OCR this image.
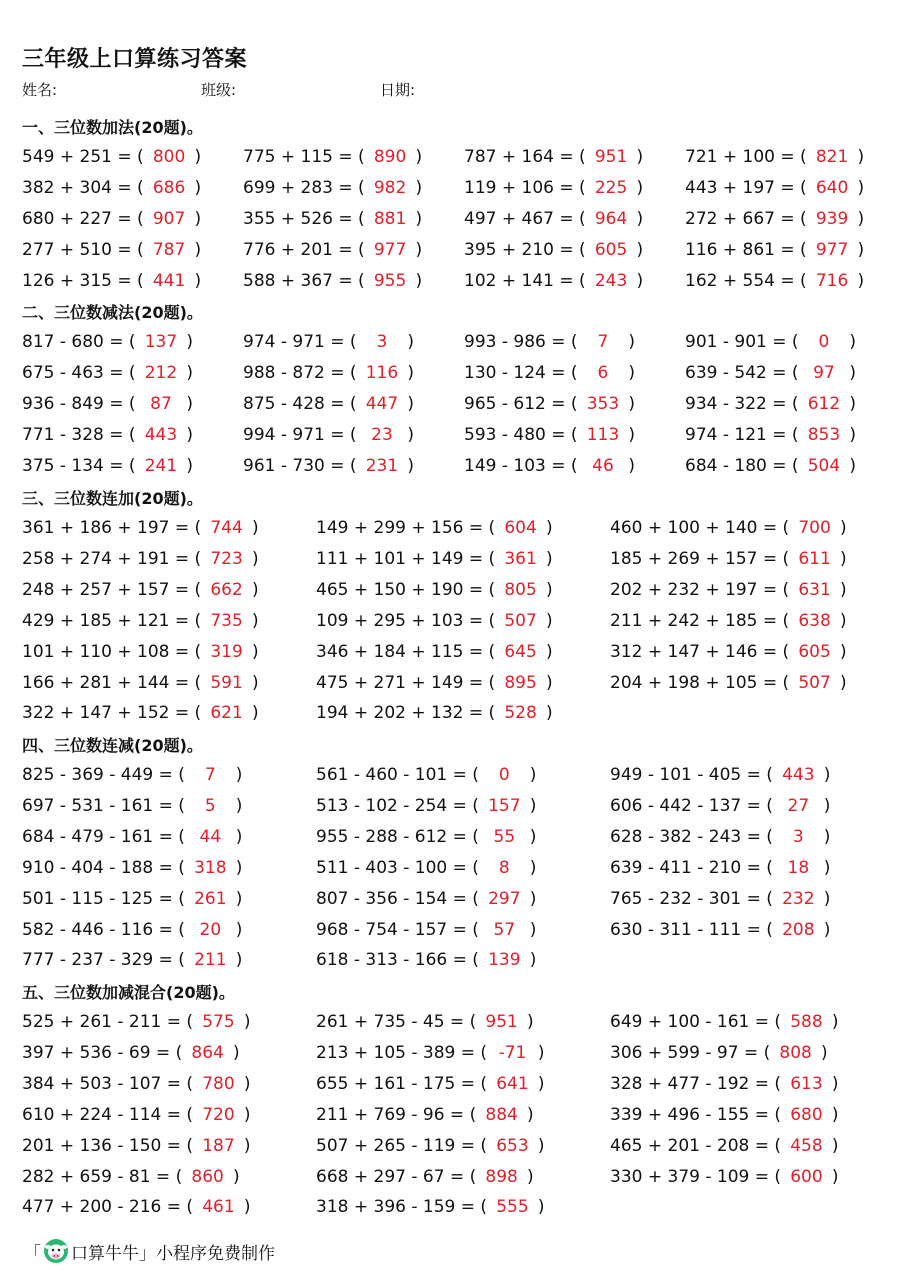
三年级上口算练习答案
姓名:	班级:	日期:
一、三位数加法(20题)。
549 + 251 = ( 800 ) 775 + 115 = ( 890 ) 787 + 164 = ( 951 ) 721 + 100 = ( 821 )
382 + 304 = ( 686 ) 699 + 283 = ( 982 ) 119 + 106 = ( 225 ) 443 + 197 = ( 640 )
680 + 227 = ( 907 ) 355 + 526 = ( 881 ) 497 + 467 = ( 964 ) 272 + 667 = ( 939 )
277 + 510 = ( 787 ) 776 + 201 = ( 977 ) 395 + 210 = ( 605 ) 116 + 861 = ( 977 )
126 + 315 = ( 441 ) 588 + 367 = ( 955 ) 102 + 141 = ( 243 ) 162 + 554 = ( 716 )
二、三位数减法(20题)。
817 - 680 = ( 137 )	974 - 971 = ( 3 )	993 - 986 = ( 7 )	901 - 901 = ( 0 )
675 - 463 = ( 212 )	988 - 872 = ( 116 )	130 - 124 = ( 6 )	639 - 542 = ( 97 )
936 - 849 = ( 87 )	875 - 428 = ( 447 )	965 - 612 = ( 353 )	934 - 322 = ( 612 )
771 - 328 = ( 443 )	994 - 971 = ( 23 )	593 - 480 = ( 113 )	974 - 121 = ( 853 )
375 - 134 = ( 241 )	961 - 730 = ( 231 )	149 - 103 = ( 46 )	684 - 180 = ( 504 )
三、三位数连加(20题)。
361 + 186 + 197 = ( 744 )	149 + 299 + 156 = ( 604 )	460 + 100 + 140 = ( 700 )
258 + 274 + 191 = ( 723 )	111 + 101 + 149 = ( 361 )	185 + 269 + 157 = ( 611 )
248 + 257 + 157 = ( 662 )	465 + 150 + 190 = ( 805 )	202 + 232 + 197 = ( 631 )
429 + 185 + 121 = ( 735 )	109 + 295 + 103 = ( 507 )	211 + 242 + 185 = ( 638 )
101 + 110 + 108 = ( 319 )	346 + 184 + 115 = ( 645 )	312 + 147 + 146 = ( 605 )
166 + 281 + 144 = ( 591 )	475 + 271 + 149 = ( 895 )	204 + 198 + 105 = ( 507 )
322 + 147 + 152 = ( 621 )	194 + 202 + 132 = ( 528 )
四、三位数连减(20题)。
825 - 369 - 449 = ( 7 )	561 - 460 - 101 = ( 0 )	949 - 101 - 405 = ( 443 )
697 - 531 - 161 = ( 5 )	513 - 102 - 254 = ( 157 )	606 - 442 - 137 = ( 27 )
684 - 479 - 161 = ( 44 )	955 - 288 - 612 = ( 55 )	628 - 382 - 243 = ( 3 )
910 - 404 - 188 = ( 318 )	511 - 403 - 100 = ( 8 )	639 - 411 - 210 = ( 18 )
501 - 115 - 125 = ( 261 )	807 - 356 - 154 = ( 297 )	765 - 232 - 301 = ( 232 )
582 - 446 - 116 = ( 20 )	968 - 754 - 157 = ( 57 )	630 - 311 - 111 = ( 208 )
777 - 237 - 329 = ( 211 )	618 - 313 - 166 = ( 139 )
五、三位数加减混合(20题)。
525 + 261 - 211 = ( 575 )	261 + 735 - 45 = ( 951 )	649 + 100 - 161 = ( 588 )
397 + 536 - 69 = ( 864 )	213 + 105 - 389 = ( -71 )	306 + 599 - 97 = ( 808 )
384 + 503 - 107 = ( 780 )	655 + 161 - 175 = ( 641 )	328 + 477 - 192 = ( 613 )
610 + 224 - 114 = ( 720 )	211 + 769 - 96 = ( 884 )	339 + 496 - 155 = ( 680 )
201 + 136 - 150 = ( 187 )	507 + 265 - 119 = ( 653 )	465 + 201 - 208 = ( 458 )
282 + 659 - 81 = ( 860 )	668 + 297 - 67 = ( 898 )	330 + 379 - 109 = ( 600 )
477 + 200 - 216 = ( 461 )	318 + 396 - 159 = ( 555 )
「 口算牛牛 」 小程序免费制作
